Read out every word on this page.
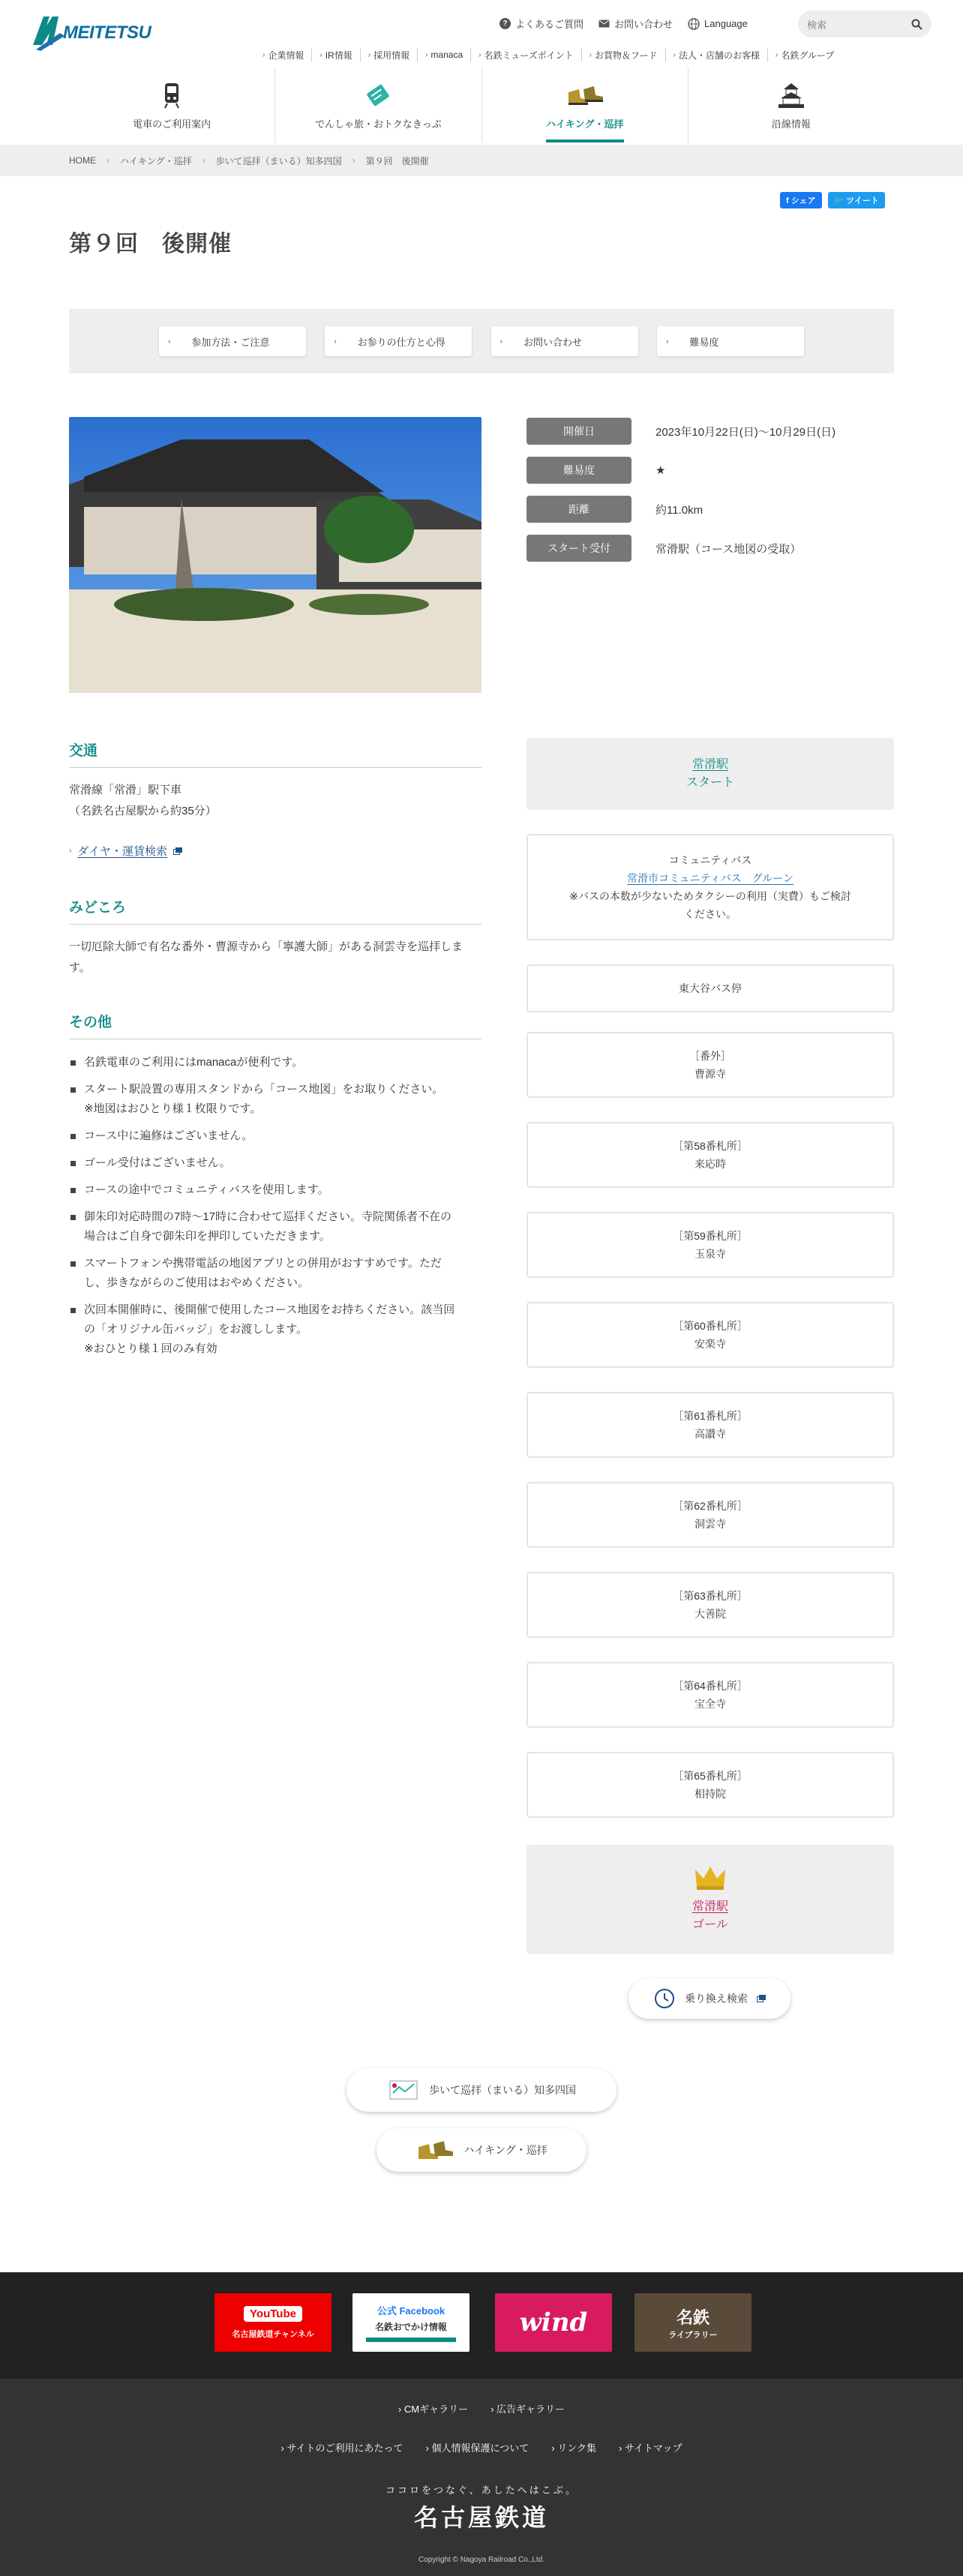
MEITETSU	? よくあるご質問	お問い合わせ	Language	検索
› 企業情報 › IR情報 › 採用情報 › manaca › 名鉄ミューズポイント › お買物＆フード › 法人・店舗のお客様 › 名鉄グループ
電車のご利用案内	でんしゃ旅・おトクなきっぷ	ハイキング・巡拝	沿線情報
HOME › ハイキング・巡拝 › 歩いて巡拝（まいる）知多四国 › 第９回　後開催
f シェア	🐦 ツイート
第９回　後開催
› 参加方法・ご注意	› お参りの仕方と心得	› お問い合わせ	› 難易度
開催日	2023年10月22日(日)～10月29日(日)
難易度	★
距離	約11.0km
スタート受付	常滑駅（コース地図の受取）
交通

常滑線「常滑」駅下車
（名鉄名古屋駅から約35分）

› ダイヤ・運賃検索
みどころ

一切厄除大師で有名な番外・曹源寺から「寧護大師」がある洞雲寺を巡拝します。

その他
名鉄電車のご利用にはmanacaが便利です。
スタート駅設置の専用スタンドから「コース地図」をお取りください。
※地図はおひとり様１枚限りです。
コース中に遍修はございません。
ゴール受付はございません。
コースの途中でコミュニティバスを使用します。
御朱印対応時間の7時～17時に合わせて巡拝ください。寺院関係者不在の
場合はご自身で御朱印を押印していただきます。
スマートフォンや携帯電話の地図アプリとの併用がおすすめです。ただ
し、歩きながらのご使用はおやめください。
次回本開催時に、後開催で使用したコース地図をお持ちください。該当回
の「オリジナル缶バッジ」をお渡しします。
※おひとり様１回のみ有効
常滑駅
スタート
コミュニティバス
常滑市コミュニティバス　グルーン
※バスの本数が少ないためタクシーの利用（実費）もご検討
ください。
東大谷バス停
［番外］
曹源寺
［第58番札所］
来応時
［第59番札所］
玉泉寺
［第60番札所］
安楽寺
［第61番札所］
高讃寺
［第62番札所］
洞雲寺
［第63番札所］
大善院
［第64番札所］
宝全寺
［第65番札所］
相持院
常滑駅
ゴール
乗り換え検索
歩いて巡拝（まいる）知多四国
ハイキング・巡拝
YouTube
名古屋鉄道チャンネル
公式 Facebook
名鉄おでかけ情報	wind	名鉄
ライブラリー
› CMギャラリー	› 広告ギャラリー
› サイトのご利用にあたって	› 個人情報保護について	› リンク集	› サイトマップ
ココロをつなぐ、あしたへはこぶ。
名古屋鉄道
Copyright © Nagoya Railroad Co.,Ltd.
